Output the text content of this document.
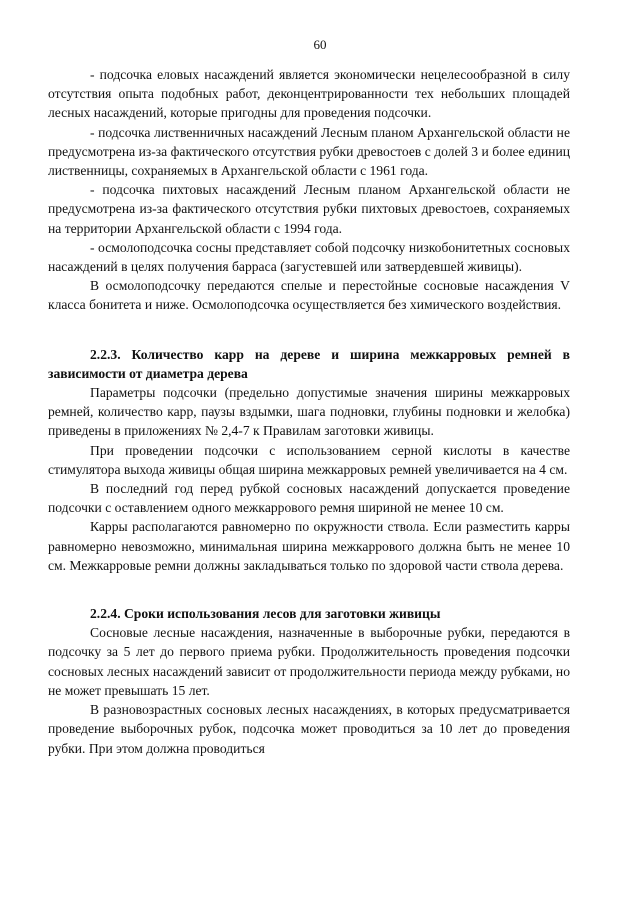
60

- подсочка еловых насаждений является экономически нецелесообразной в силу отсутствия опыта подобных работ, деконцентрированности тех небольших площадей лесных насаждений, которые пригодны для проведения подсочки.

- подсочка лиственничных насаждений Лесным планом Архангельской области не предусмотрена из-за фактического отсутствия рубки древостоев с долей 3 и более единиц лиственницы, сохраняемых в Архангельской области с 1961 года.

- подсочка пихтовых насаждений Лесным планом Архангельской области не предусмотрена из-за фактического отсутствия рубки пихтовых древостоев, сохраняемых на территории Архангельской области с 1994 года.

- осмолоподсочка сосны представляет собой подсочку низкобонитетных сосновых насаждений в целях получения барраса (загустевшей или затвердевшей живицы).

В осмолоподсочку передаются спелые и перестойные сосновые насаждения V класса бонитета и ниже. Осмолоподсочка осуществляется без химического воздействия.

2.2.3. Количество карр на дереве и ширина межкарровых ремней в зависимости от диаметра дерева

Параметры подсочки (предельно допустимые значения ширины межкарровых ремней, количество карр, паузы вздымки, шага подновки, глубины подновки и желобка) приведены в приложениях № 2,4-7 к Правилам заготовки живицы.

При проведении подсочки с использованием серной кислоты в качестве стимулятора выхода живицы общая ширина межкарровых ремней увеличивается на 4 см.

В последний год перед рубкой сосновых насаждений допускается проведение подсочки с оставлением одного межкаррового ремня шириной не менее 10 см.

Карры располагаются равномерно по окружности ствола. Если разместить карры равномерно невозможно, минимальная ширина межкаррового должна быть не менее 10 см. Межкарровые ремни должны закладываться только по здоровой части ствола дерева.

2.2.4. Сроки использования лесов для заготовки живицы

Сосновые лесные насаждения, назначенные в выборочные рубки, передаются в подсочку за 5 лет до первого приема рубки. Продолжительность проведения подсочки сосновых лесных насаждений зависит от продолжительности периода между рубками, но не может превышать 15 лет.

В разновозрастных сосновых лесных насаждениях, в которых предусматривается проведение выборочных рубок, подсочка может проводиться за 10 лет до проведения рубки. При этом должна проводиться
